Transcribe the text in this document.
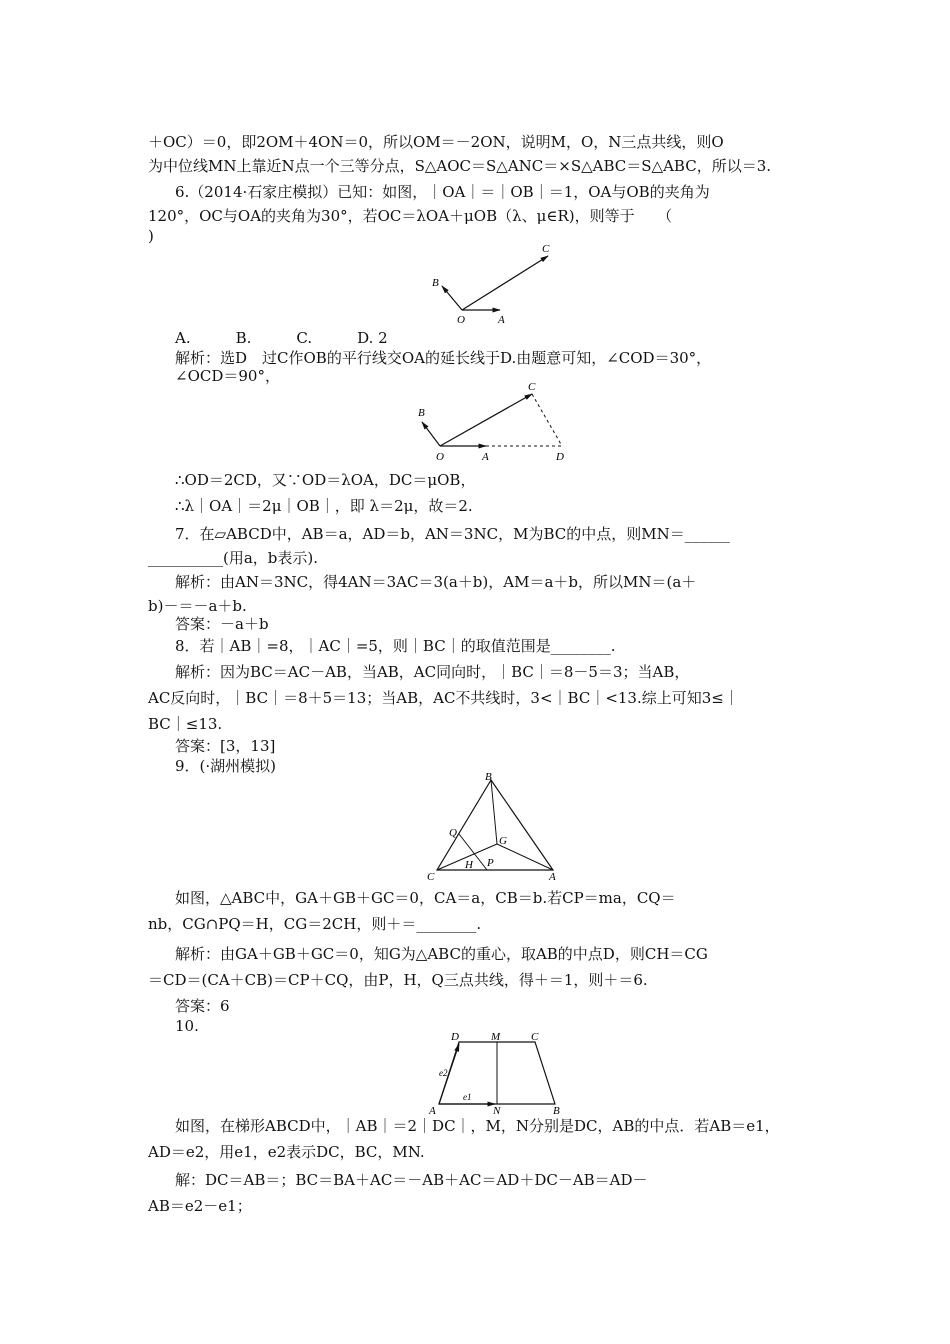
＋OC）＝0，即2OM＋4ON＝0，所以OM＝－2ON，说明M，O，N三点共线，则O
为中位线MN上靠近N点一个三等分点，S△AOC＝S△ANC＝×S△ABC＝S△ABC，所以＝3.
6.（2014·石家庄模拟）已知：如图，｜OA｜＝｜OB｜＝1，OA与OB的夹角为
120°，OC与OA的夹角为30°，若OC＝λOA＋μOB（λ、μ∈R)，则等于　　（
)
C
B
O	A
A.　　　B.　　　C.　　　D. 2
解析：选D　过C作OB的平行线交OA的延长线于D.由题意可知，∠COD＝30°，
∠OCD＝90°，
C
B
O	A	D
∴OD＝2CD，又∵OD＝λOA，DC＝μOB，
∴λ｜OA｜＝2μ｜OB｜，即 λ＝2μ，故＝2.
7．在▱ABCD中，AB＝a，AD＝b，AN＝3NC，M为BC的中点，则MN＝______
__________(用a，b表示).
解析：由AN＝3NC，得4AN＝3AC＝3(a＋b)，AM＝a＋b，所以MN＝(a＋
b)－＝－a＋b.
答案：－a＋b
8．若｜AB｜=8，｜AC｜=5，则｜BC｜的取值范围是________.
解析：因为BC＝AC－AB，当AB，AC同向时，｜BC｜＝8－5＝3；当AB，
AC反向时，｜BC｜＝8＋5＝13；当AB，AC不共线时，3<｜BC｜<13.综上可知3≤｜
BC｜≤13.
答案：[3，13]
9．(·湖州模拟)
B
Q
G
C
H P
A
如图，△ABC中，GA＋GB＋GC＝0，CA＝a，CB＝b.若CP＝ma，CQ＝
nb，CG∩PQ＝H，CG＝2CH，则＋＝________.
解析：由GA＋GB＋GC＝0，知G为△ABC的重心，取AB的中点D，则CH＝CG
＝CD＝(CA＋CB)＝CP＋CQ，由P，H，Q三点共线，得＋＝1，则＋＝6.
答案：6
10.
D	M	C
e2
e1
A	N	B
如图，在梯形ABCD中，｜AB｜＝2｜DC｜，M，N分别是DC，AB的中点．若AB＝e1，
AD＝e2，用e1，e2表示DC，BC，MN.
解：DC＝AB＝；BC＝BA＋AC＝－AB＋AC＝AD＋DC－AB＝AD－
AB＝e2－e1；
